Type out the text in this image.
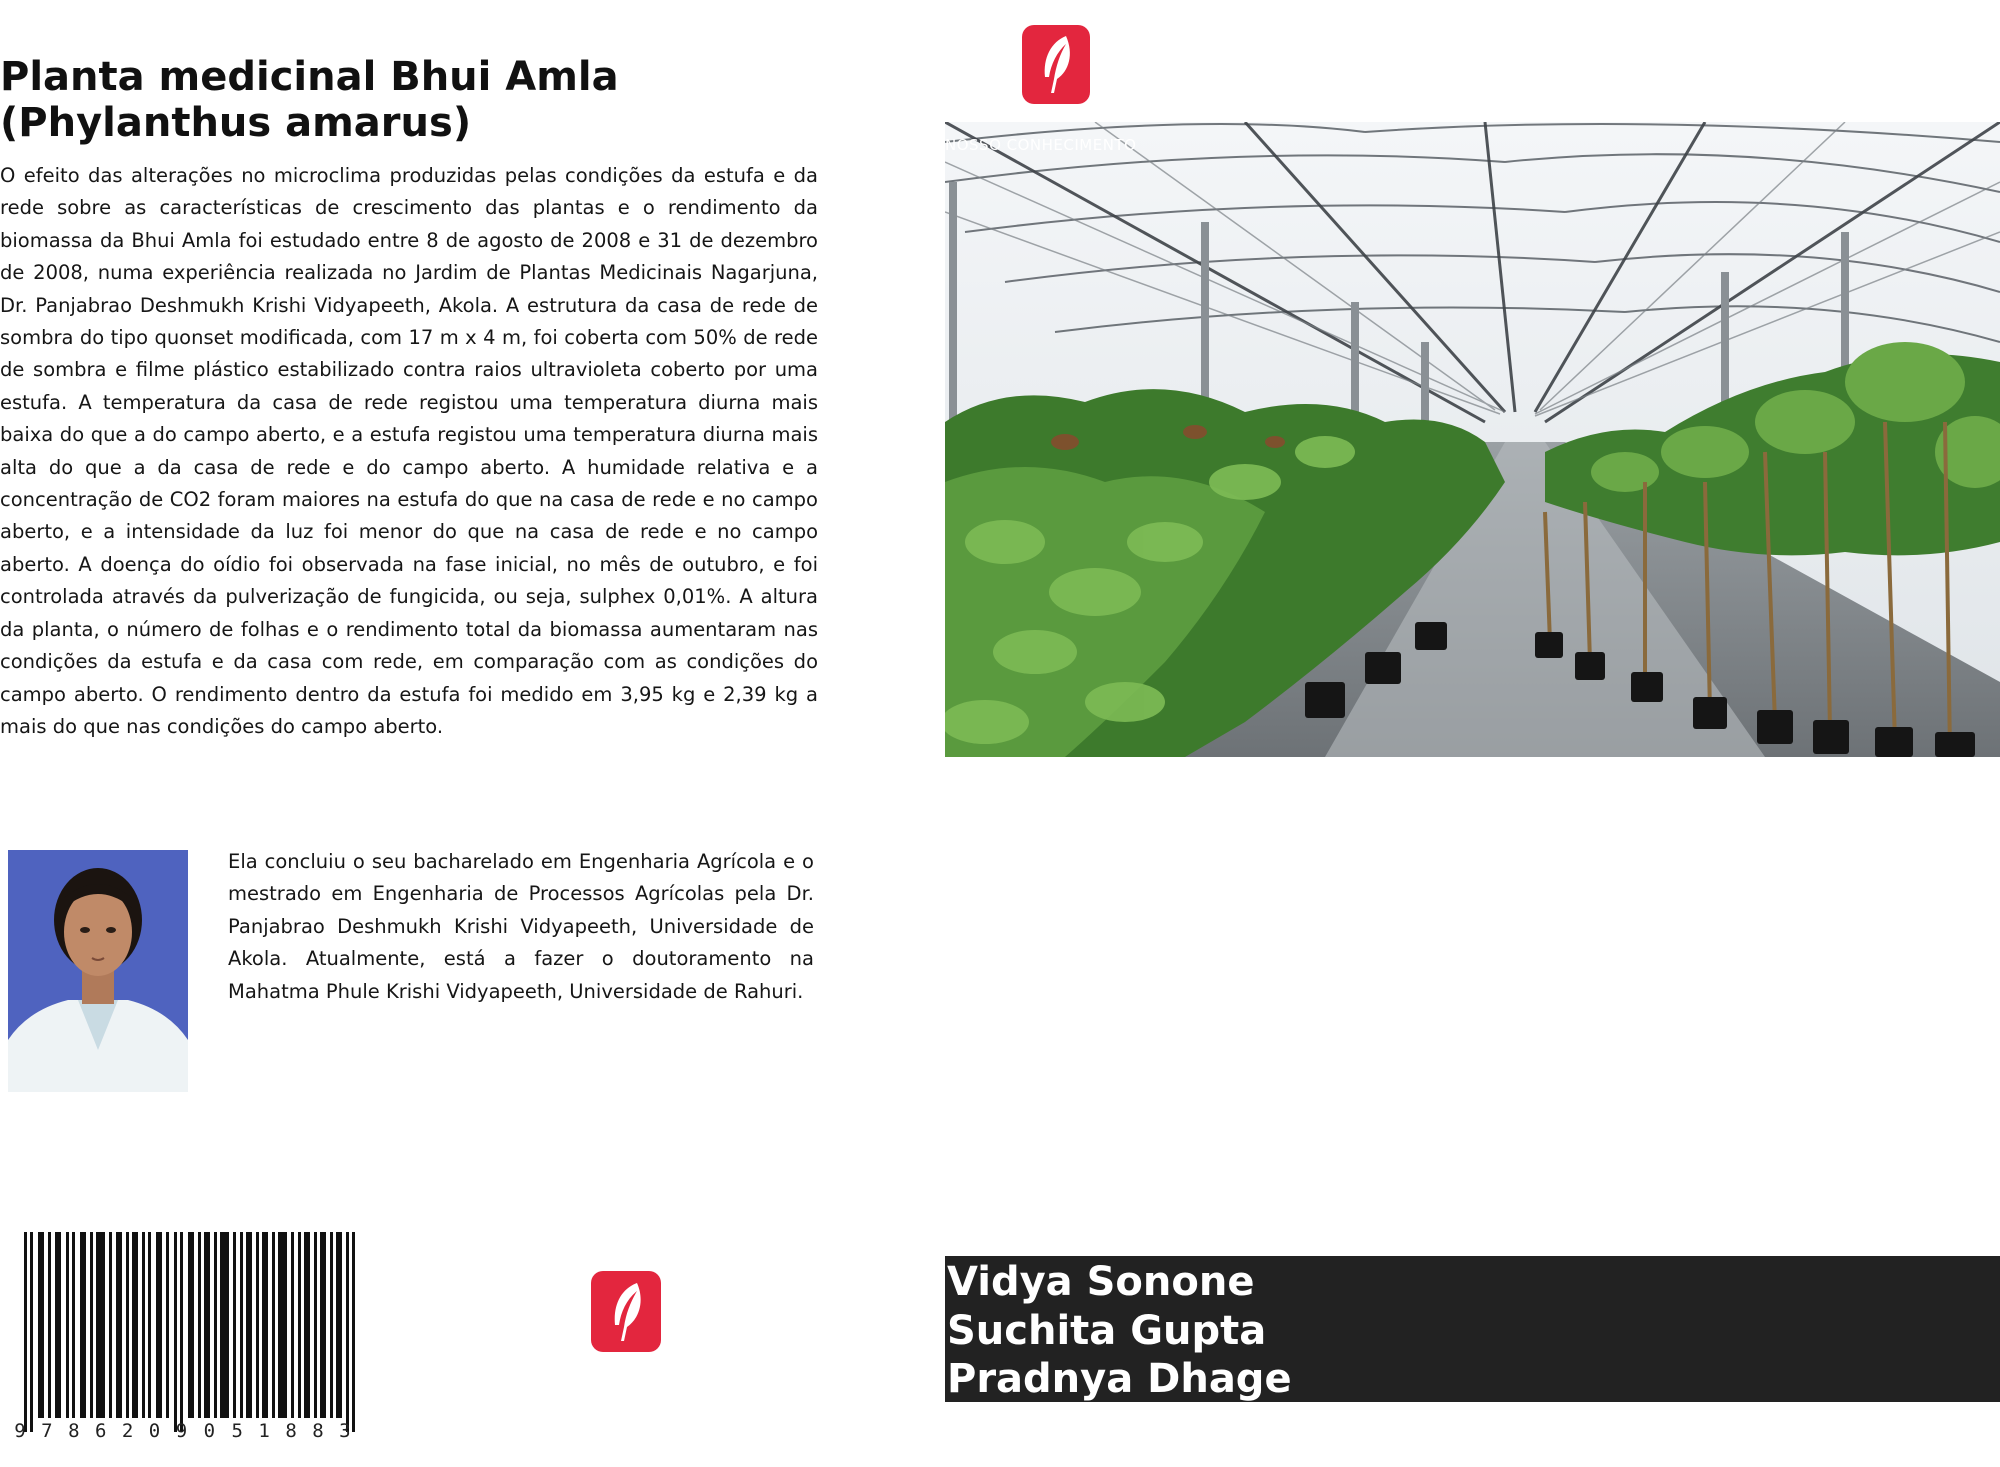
Planta medicinal Bhui Amla
(Phylanthus amarus)

O efeito das alterações no microclima produzidas pelas condições da estufa e da rede sobre as características de crescimento das plantas e o rendimento da biomassa da Bhui Amla foi estudado entre 8 de agosto de 2008 e 31 de dezembro de 2008, numa experiência realizada no Jardim de Plantas Medicinais Nagarjuna, Dr. Panjabrao Deshmukh Krishi Vidyapeeth, Akola. A estrutura da casa de rede de sombra do tipo quonset modificada, com 17 m x 4 m, foi coberta com 50% de rede de sombra e filme plástico estabilizado contra raios ultravioleta coberto por uma estufa. A temperatura da casa de rede registou uma temperatura diurna mais baixa do que a do campo aberto, e a estufa registou uma temperatura diurna mais alta do que a da casa de rede e do campo aberto. A humidade relativa e a concentração de CO2 foram maiores na estufa do que na casa de rede e no campo aberto, e a intensidade da luz foi menor do que na casa de rede e no campo aberto. A doença do oídio foi observada na fase inicial, no mês de outubro, e foi controlada através da pulverização de fungicida, ou seja, sulphex 0,01%. A altura da planta, o número de folhas e o rendimento total da biomassa aumentaram nas condições da estufa e da casa com rede, em comparação com as condições do campo aberto. O rendimento dentro da estufa foi medido em 3,95 kg e 2,39 kg a mais do que nas condições do campo aberto.

Ela concluiu o seu bacharelado em Engenharia Agrícola e o mestrado em Engenharia de Processos Agrícolas pela Dr. Panjabrao Deshmukh Krishi Vidyapeeth, Universidade de Akola. Atualmente, está a fazer o doutoramento na Mahatma Phule Krishi Vidyapeeth, Universidade de Rahuri.

9 7 8 6 2 0 9 0 5 1 8 8 3
NOSSO CONHECIMENTO
Vidya Sonone
Suchita Gupta
Pradnya Dhage
